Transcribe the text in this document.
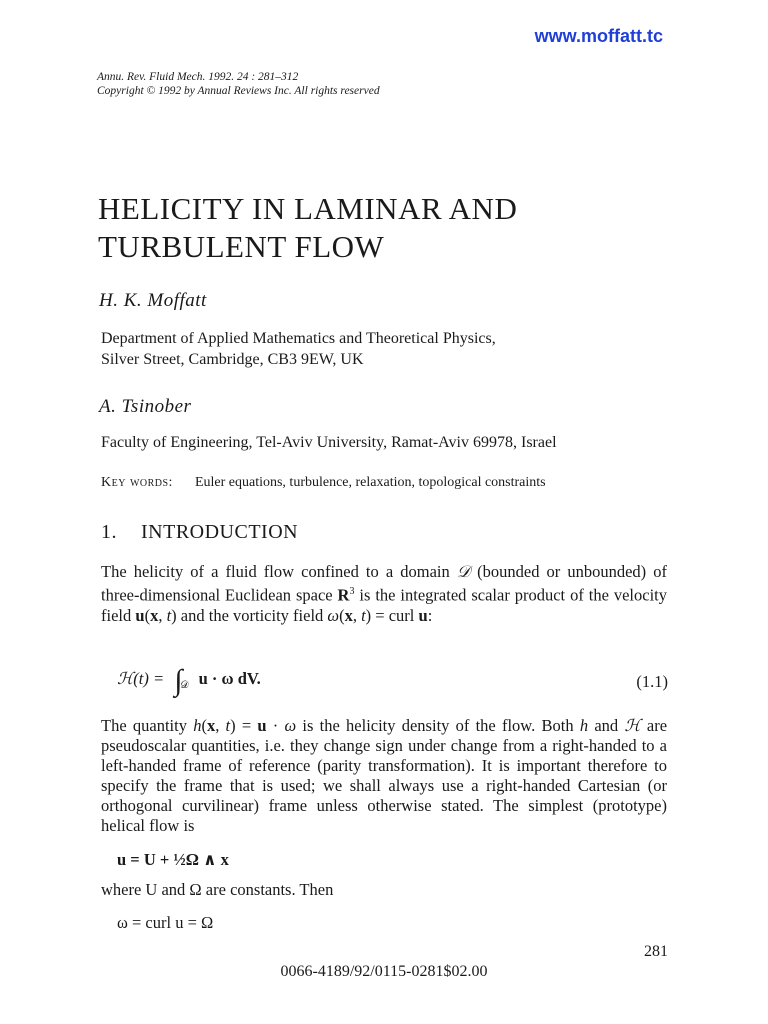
www.moffatt.tc
Annu. Rev. Fluid Mech. 1992. 24 : 281–312
Copyright © 1992 by Annual Reviews Inc. All rights reserved
HELICITY IN LAMINAR AND
TURBULENT FLOW
H. K. Moffatt
Department of Applied Mathematics and Theoretical Physics,
Silver Street, Cambridge, CB3 9EW, UK
A. Tsinober
Faculty of Engineering, Tel-Aviv University, Ramat-Aviv 69978, Israel
Key words: Euler equations, turbulence, relaxation, topological constraints
1. INTRODUCTION
The helicity of a fluid flow confined to a domain 𝒟 (bounded or unbounded) of three-dimensional Euclidean space $R^3$ is the integrated scalar product of the velocity field u(x, t) and the vorticity field ω(x, t) = curl u:
ℋ(t) = $\int_𝒟$ u · ω dV.	(1.1)
The quantity h(x, t) = u · ω is the helicity density of the flow. Both h and ℋ are pseudoscalar quantities, i.e. they change sign under change from a right-handed to a left-handed frame of reference (parity transformation). It is important therefore to specify the frame that is used; we shall always use a right-handed Cartesian (or orthogonal curvilinear) frame unless otherwise stated. The simplest (prototype) helical flow is
u = U + ½Ω ∧ x
where U and Ω are constants. Then
ω = curl u = Ω
281
0066-4189/92/0115-0281$02.00
